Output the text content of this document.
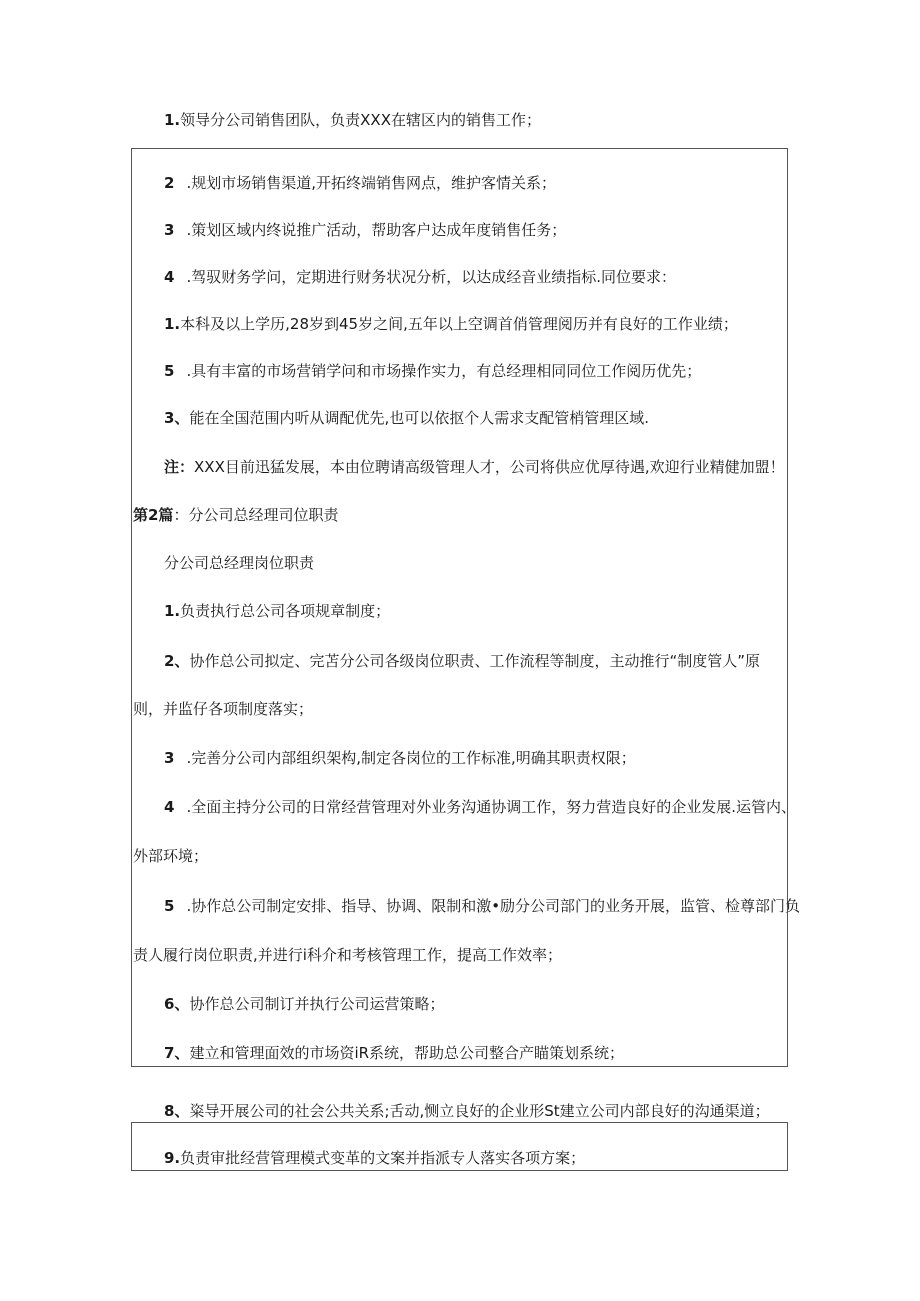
1.领导分公司销售团队，负责XXX在辖区内的销售工作；
2 .规划市场销售渠道,开拓终端销售网点，维护客情关系；
3 .策划区域内终说推广活动，帮助客户达成年度销售任务；
4 .驾驭财务学问，定期进行财务状况分析，以达成经音业绩指标.同位要求：
1.本科及以上学历,28岁到45岁之间,五年以上空调首俏管理阅历并有良好的工作业绩；
5 .具有丰富的市场营销学问和市场操作实力，有总经理相同同位工作阅历优先；
3、能在全国范围内听从调配优先,也可以依抠个人需求支配管梢管理区域.
注：XXX目前迅猛发展，本由位聘请高级管理人才，公司将供应优厚待遇,欢迎行业精健加盟！
第2篇：分公司总经理司位职责
分公司总经理岗位职责
1.负责执行总公司各项规章制度；
2、协作总公司拟定、完苫分公司各级岗位职责、工作流程等制度，主动推行“制度管人”原
则，并监仔各项制度落实；
3 .完善分公司内部组织架构,制定各岗位的工作标准,明确其职责权限；
4 .全面主持分公司的日常经营管理对外业务沟通协调工作，努力营造良好的企业发展.运管内、
外部环境；
5 .协作总公司制定安排、指导、协调、限制和激•励分公司部门的业务开展，监管、检尊部门负
责人履行岗位职责,并进行i科介和考核管理工作，提高工作效率；
6、协作总公司制订并执行公司运营策略；
7、建立和管理面效的市场资iR系统，帮助总公司整合产瞄策划系统；
8、粢导开展公司的社会公共关系;舌动,恻立良好的企业形St建立公司内部良好的沟通渠道；
9.负责审批经营管理模式变革的文案并指派专人落实各项方案；
